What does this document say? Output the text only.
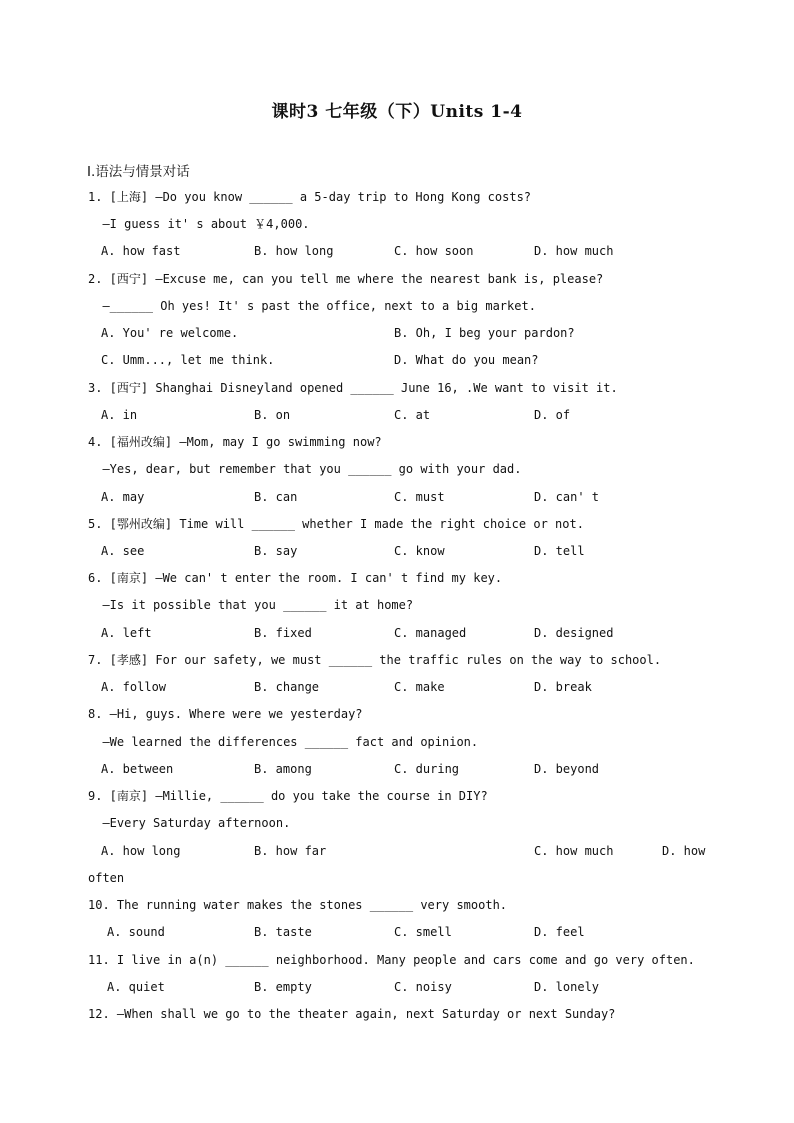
课时3 七年级（下）Units 1-4
Ⅰ.语法与情景对话
1. [上海] —Do you know ______ a 5-day trip to Hong Kong costs?
—I guess it' s about ￥4,000.
A. how fast	B. how long	C. how soon	D. how much
2. [西宁] —Excuse me, can you tell me where the nearest bank is, please?
—______ Oh yes! It' s past the office, next to a big market.
A. You' re welcome.	B. Oh, I beg your pardon?
C. Umm..., let me think.	D. What do you mean?
3. [西宁] Shanghai Disneyland opened ______ June 16, .We want to visit it.
A. in	B. on	C. at	D. of
4. [福州改编] —Mom, may I go swimming now?
—Yes, dear, but remember that you ______ go with your dad.
A. may	B. can	C. must	D. can' t
5. [鄂州改编] Time will ______ whether I made the right choice or not.
A. see	B. say	C. know	D. tell
6. [南京] —We can' t enter the room. I can' t find my key.
—Is it possible that you ______ it at home?
A. left	B. fixed	C. managed	D. designed
7. [孝感] For our safety, we must ______ the traffic rules on the way to school.
A. follow	B. change	C. make	D. break
8. —Hi, guys. Where were we yesterday?
—We learned the differences ______ fact and opinion.
A. between	B. among	C. during	D. beyond
9. [南京] —Millie, ______ do you take the course in DIY?
—Every Saturday afternoon.
A. how long	B. how far	C. how much	D. how
often
10. The running water makes the stones ______ very smooth.
A. sound	B. taste	C. smell	D. feel
11. I live in a(n) ______ neighborhood. Many people and cars come and go very often.
A. quiet	B. empty	C. noisy	D. lonely
12. —When shall we go to the theater again, next Saturday or next Sunday?
